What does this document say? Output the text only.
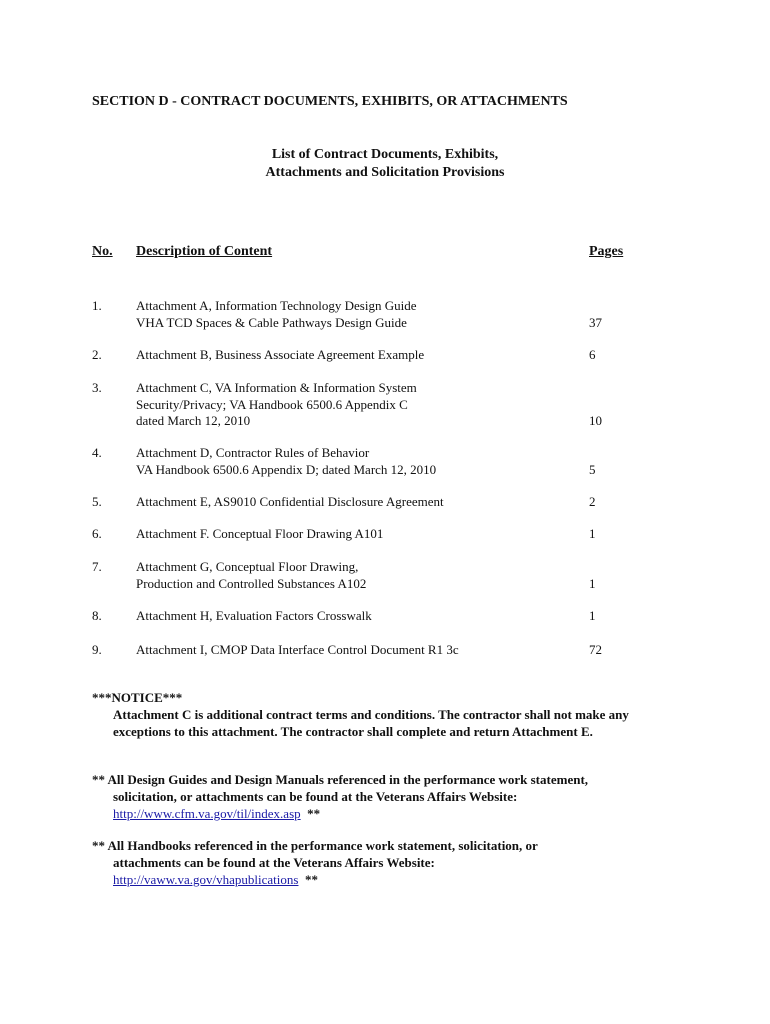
SECTION D - CONTRACT DOCUMENTS, EXHIBITS, OR ATTACHMENTS
List of Contract Documents, Exhibits,
Attachments and Solicitation Provisions
No. Description of Content	Pages
1.	Attachment A, Information Technology Design Guide
VHA TCD Spaces & Cable Pathways Design Guide	37
2.	Attachment B, Business Associate Agreement Example	6
3.	Attachment C, VA Information & Information System
Security/Privacy; VA Handbook 6500.6 Appendix C
dated March 12, 2010	10
4.	Attachment D, Contractor Rules of Behavior
VA Handbook 6500.6 Appendix D; dated March 12, 2010	5
5.	Attachment E, AS9010 Confidential Disclosure Agreement	2
6.	Attachment F. Conceptual Floor Drawing A101	1
7.	Attachment G, Conceptual Floor Drawing,
Production and Controlled Substances A102	1
8.	Attachment H, Evaluation Factors Crosswalk	1
9.	Attachment I, CMOP Data Interface Control Document R1 3c	72
***NOTICE***
Attachment C is additional contract terms and conditions. The contractor shall not make any
exceptions to this attachment. The contractor shall complete and return Attachment E.
** All Design Guides and Design Manuals referenced in the performance work statement,
solicitation, or attachments can be found at the Veterans Affairs Website:
http://www.cfm.va.gov/til/index.asp **
** All Handbooks referenced in the performance work statement, solicitation, or
attachments can be found at the Veterans Affairs Website:
http://vaww.va.gov/vhapublications **
